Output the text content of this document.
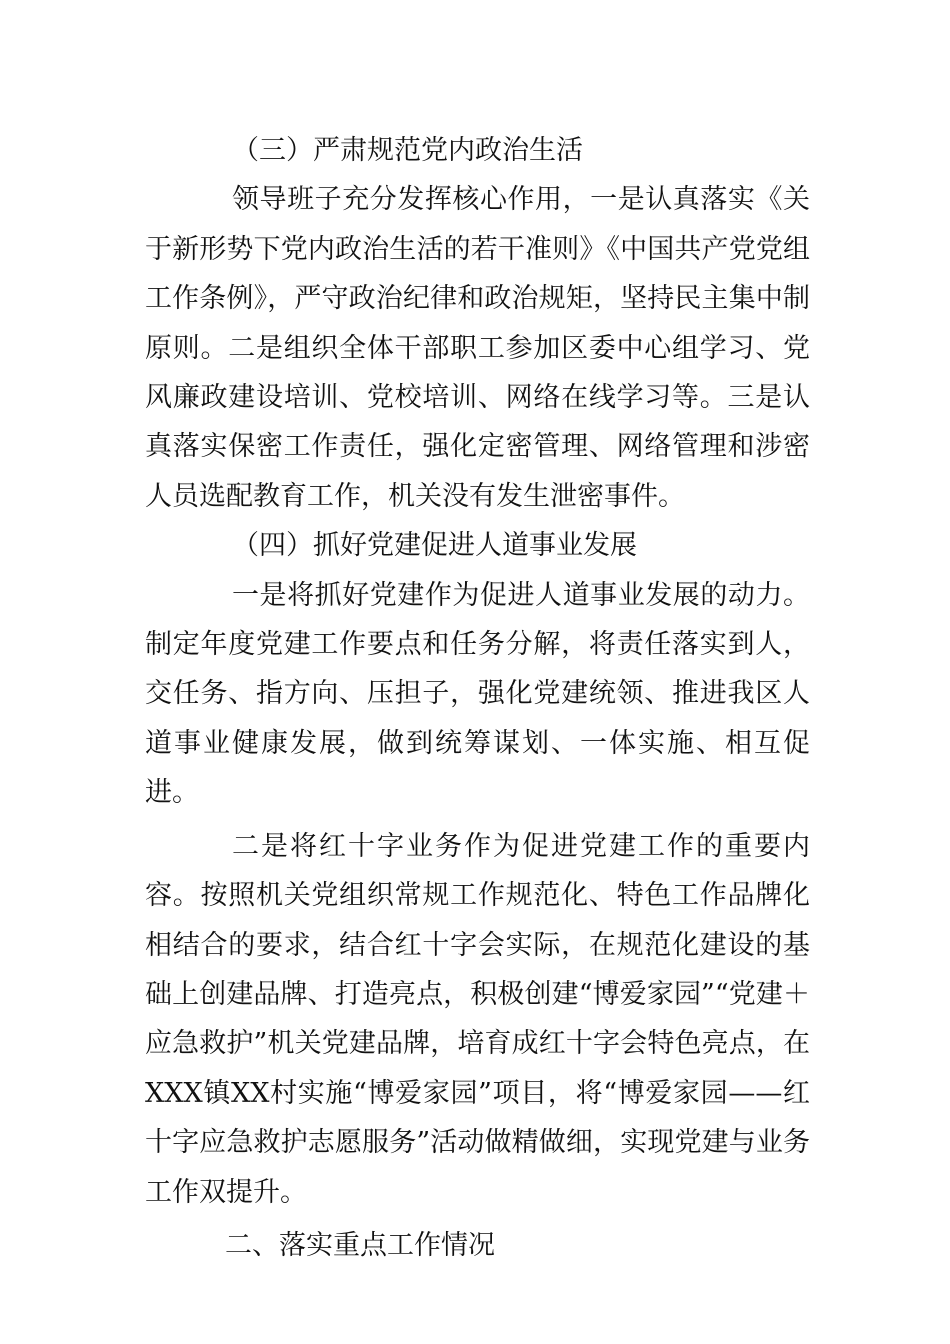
（三）严肃规范党内政治生活

领导班子充分发挥核心作用，一是认真落实《关于新形势下党内政治生活的若干准则》《中国共产党党组工作条例》，严守政治纪律和政治规矩，坚持民主集中制原则。二是组织全体干部职工参加区委中心组学习、党风廉政建设培训、党校培训、网络在线学习等。三是认真落实保密工作责任，强化定密管理、网络管理和涉密人员选配教育工作，机关没有发生泄密事件。

（四）抓好党建促进人道事业发展

一是将抓好党建作为促进人道事业发展的动力。制定年度党建工作要点和任务分解，将责任落实到人，交任务、指方向、压担子，强化党建统领、推进我区人道事业健康发展，做到统筹谋划、一体实施、相互促进。

二是将红十字业务作为促进党建工作的重要内容。按照机关党组织常规工作规范化、特色工作品牌化相结合的要求，结合红十字会实际，在规范化建设的基础上创建品牌、打造亮点，积极创建“博爱家园”“党建＋应急救护”机关党建品牌，培育成红十字会特色亮点，在XXX镇XX村实施“博爱家园”项目，将“博爱家园——红十字应急救护志愿服务”活动做精做细，实现党建与业务工作双提升。

二、落实重点工作情况
